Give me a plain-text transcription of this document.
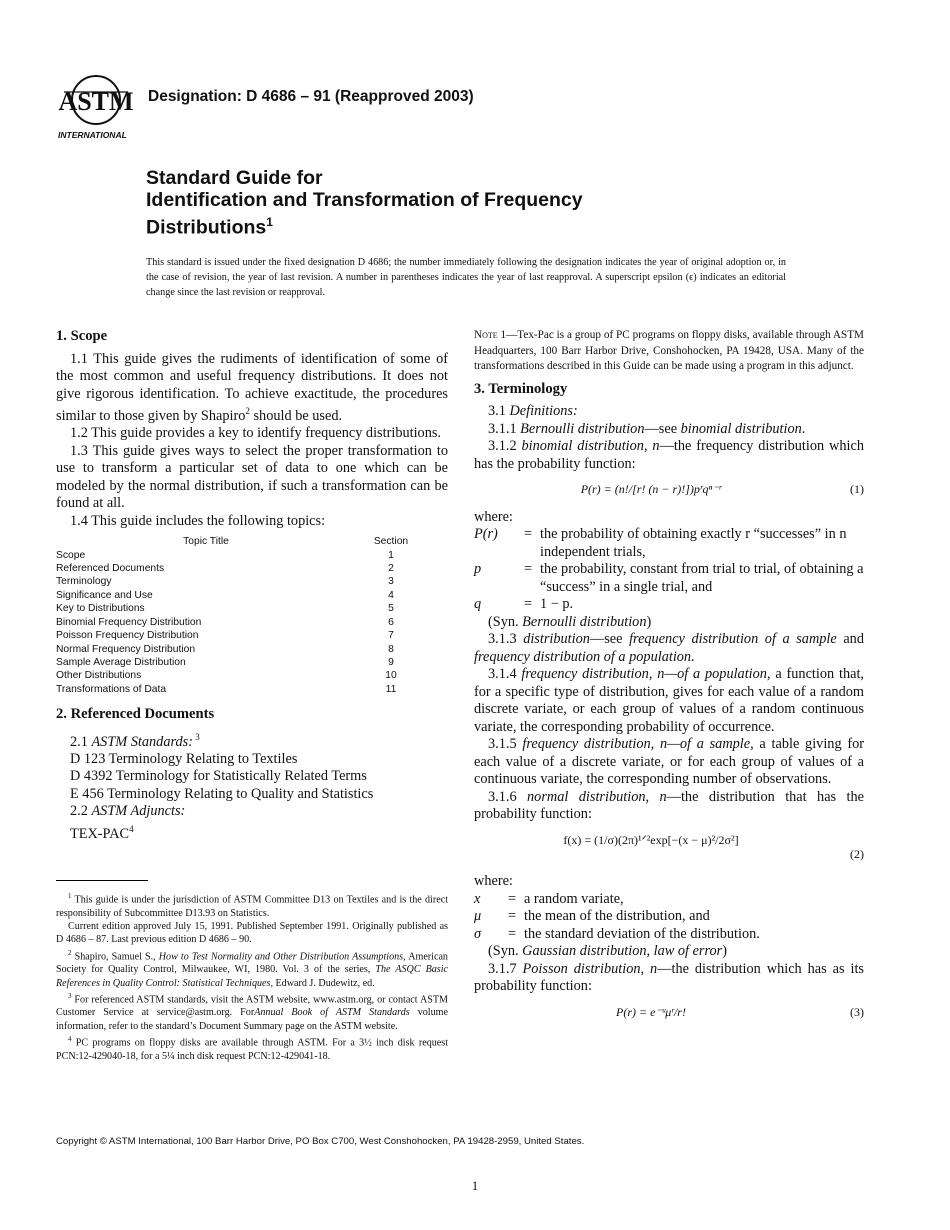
ASTM
INTERNATIONAL
Designation: D 4686 – 91 (Reapproved 2003)
Standard Guide for
Identification and Transformation of Frequency
Distributions$^1$
This standard is issued under the fixed designation D 4686; the number immediately following the designation indicates the year of original adoption or, in the case of revision, the year of last revision. A number in parentheses indicates the year of last reapproval. A superscript epsilon (ϵ) indicates an editorial change since the last revision or reapproval.
1. Scope

1.1 This guide gives the rudiments of identification of some of the most common and useful frequency distributions. It does not give rigorous identification. To achieve exactitude, the procedures similar to those given by Shapiro$^2$ should be used.

1.2 This guide provides a key to identify frequency distributions.

1.3 This guide gives ways to select the proper transformation to use to transform a particular set of data to one which can be modeled by the normal distribution, if such a transformation can be found at all.

1.4 This guide includes the following topics:

Topic Title	Section
Scope	1
Referenced Documents	2
Terminology	3
Significance and Use	4
Key to Distributions	5
Binomial Frequency Distribution	6
Poisson Frequency Distribution	7
Normal Frequency Distribution	8
Sample Average Distribution	9
Other Distributions	10
Transformations of Data	11
2. Referenced Documents

2.1 ASTM Standards: $^3$

D 123 Terminology Relating to Textiles
D 4392 Terminology for Statistically Related Terms
E 456 Terminology Relating to Quality and Statistics

2.2 ASTM Adjuncts:

TEX-PAC$^4$

$^1$ This guide is under the jurisdiction of ASTM Committee D13 on Textiles and is the direct responsibility of Subcommittee D13.93 on Statistics.

Current edition approved July 15, 1991. Published September 1991. Originally published as D 4686 – 87. Last previous edition D 4686 – 90.

$^2$ Shapiro, Samuel S., How to Test Normality and Other Distribution Assumptions, American Society for Quality Control, Milwaukee, WI, 1980. Vol. 3 of the series, The ASQC Basic References in Quality Control: Statistical Techniques, Edward J. Dudewitz, ed.

$^3$ For referenced ASTM standards, visit the ASTM website, www.astm.org, or contact ASTM Customer Service at service@astm.org. ForAnnual Book of ASTM Standards volume information, refer to the standard’s Document Summary page on the ASTM website.

$^4$ PC programs on floppy disks are available through ASTM. For a 3½ inch disk request PCN:12-429040-18, for a 5¼ inch disk request PCN:12-429041-18.

Note 1—Tex-Pac is a group of PC programs on floppy disks, available through ASTM Headquarters, 100 Barr Harbor Drive, Conshohocken, PA 19428, USA. Many of the transformations described in this Guide can be made using a program in this adjunct.
3. Terminology

3.1 Definitions:

3.1.1 Bernoulli distribution—see binomial distribution.

3.1.2 binomial distribution, n—the frequency distribution which has the probability function:

P(r) = (n!/[r! (n − r)!])pʳqⁿ⁻ʳ	(1)
where:
P(r)	= the probability of obtaining exactly r “successes” in n independent trials,
p	= the probability, constant from trial to trial, of obtaining a “success” in a single trial, and
q	= 1 − p.

(Syn. Bernoulli distribution)

3.1.3 distribution—see frequency distribution of a sample and frequency distribution of a population.

3.1.4 frequency distribution, n—of a population, a function that, for a specific type of distribution, gives for each value of a random discrete variate, or each group of values of a random continuous variate, the corresponding probability of occurrence.

3.1.5 frequency distribution, n—of a sample, a table giving for each value of a discrete variate, or for each group of values of a continuous variate, the corresponding number of observations.

3.1.6 normal distribution, n—the distribution that has the probability function:

f(x) = (1/σ)(2π)¹ᐟ²exp[−(x − μ)²/2σ²]
(2)
where:
x	= a random variate,
μ	= the mean of the distribution, and
σ	= the standard deviation of the distribution.

(Syn. Gaussian distribution, law of error)

3.1.7 Poisson distribution, n—the distribution which has as its probability function:

P(r) = e⁻ᵘμʳ/r!	(3)
Copyright © ASTM International, 100 Barr Harbor Drive, PO Box C700, West Conshohocken, PA 19428-2959, United States.
1
